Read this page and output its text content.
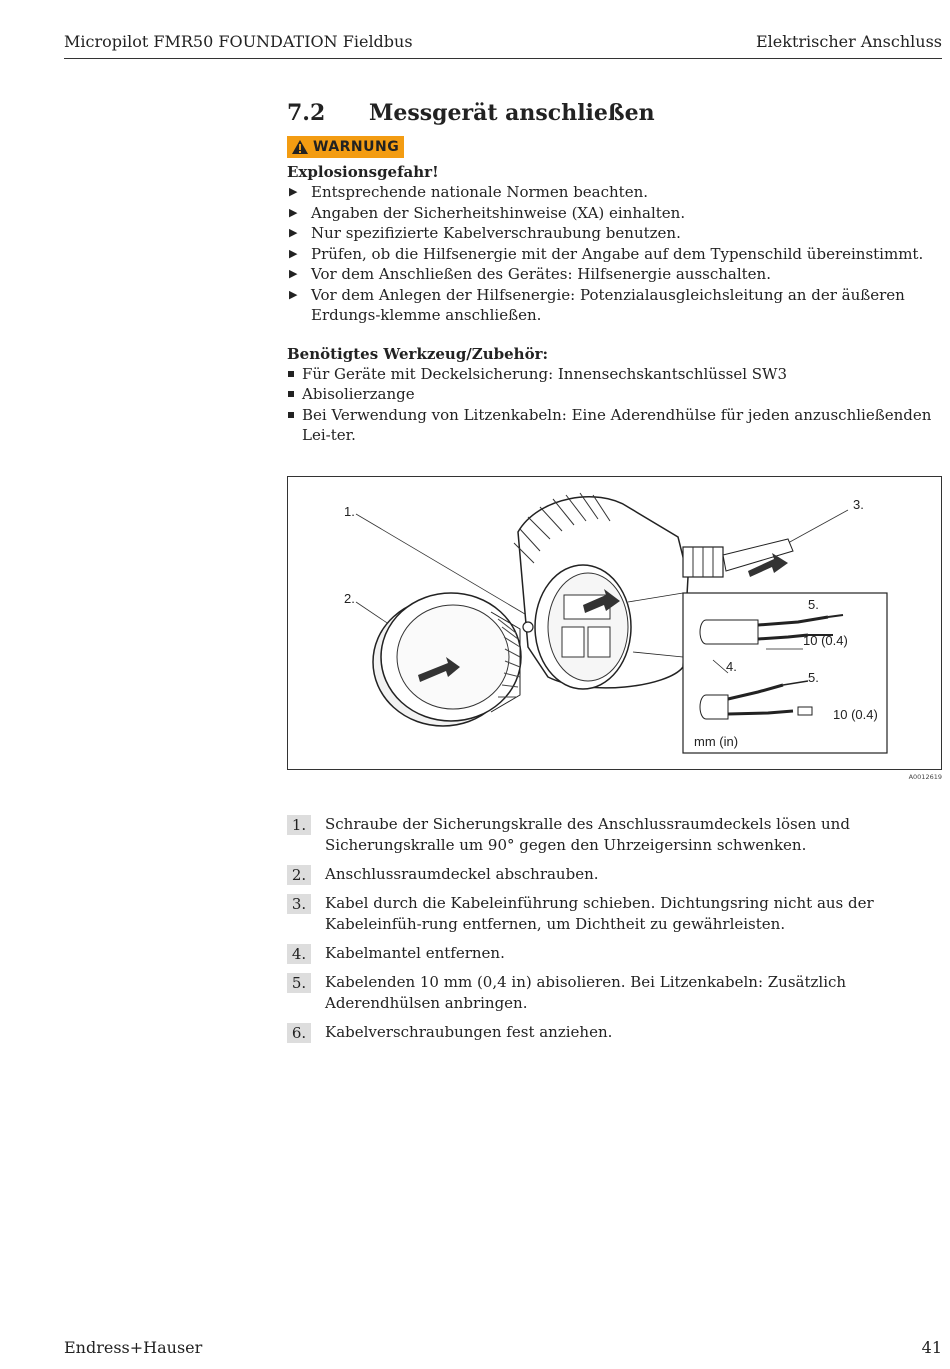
Micropilot FMR50 FOUNDATION Fieldbus	Elektrischer Anschluss
7.2	Messgerät anschließen
WARNUNG
Explosionsgefahr!
▶ Entsprechende nationale Normen beachten.
▶ Angaben der Sicherheitshinweise (XA) einhalten.
▶ Nur spezifizierte Kabelverschraubung benutzen.
▶ Prüfen, ob die Hilfsenergie mit der Angabe auf dem Typenschild übereinstimmt.
▶ Vor dem Anschließen des Gerätes: Hilfsenergie ausschalten.
▶ Vor dem Anlegen der Hilfsenergie: Potenzialausgleichsleitung an der äußeren Erdungs-klemme anschließen.
Benötigtes Werkzeug/Zubehör:
Für Geräte mit Deckelsicherung: Innensechskantschlüssel SW3
Abisolierzange
Bei Verwendung von Litzenkabeln: Eine Aderendhülse für jeden anzuschließenden Lei-ter.
1.
2.
3.
4.
5.
5.
10 (0.4)
10 (0.4)
mm (in)
A0012619
1.	Schraube der Sicherungskralle des Anschlussraumdeckels lösen und Sicherungskralle um 90° gegen den Uhrzeigersinn schwenken.
2.	Anschlussraumdeckel abschrauben.
3.	Kabel durch die Kabeleinführung schieben. Dichtungsring nicht aus der Kabeleinfüh-rung entfernen, um Dichtheit zu gewährleisten.
4.	Kabelmantel entfernen.
5.	Kabelenden 10 mm (0,4 in) abisolieren. Bei Litzenkabeln: Zusätzlich Aderendhülsen anbringen.
6.	Kabelverschraubungen fest anziehen.
Endress+Hauser	41
